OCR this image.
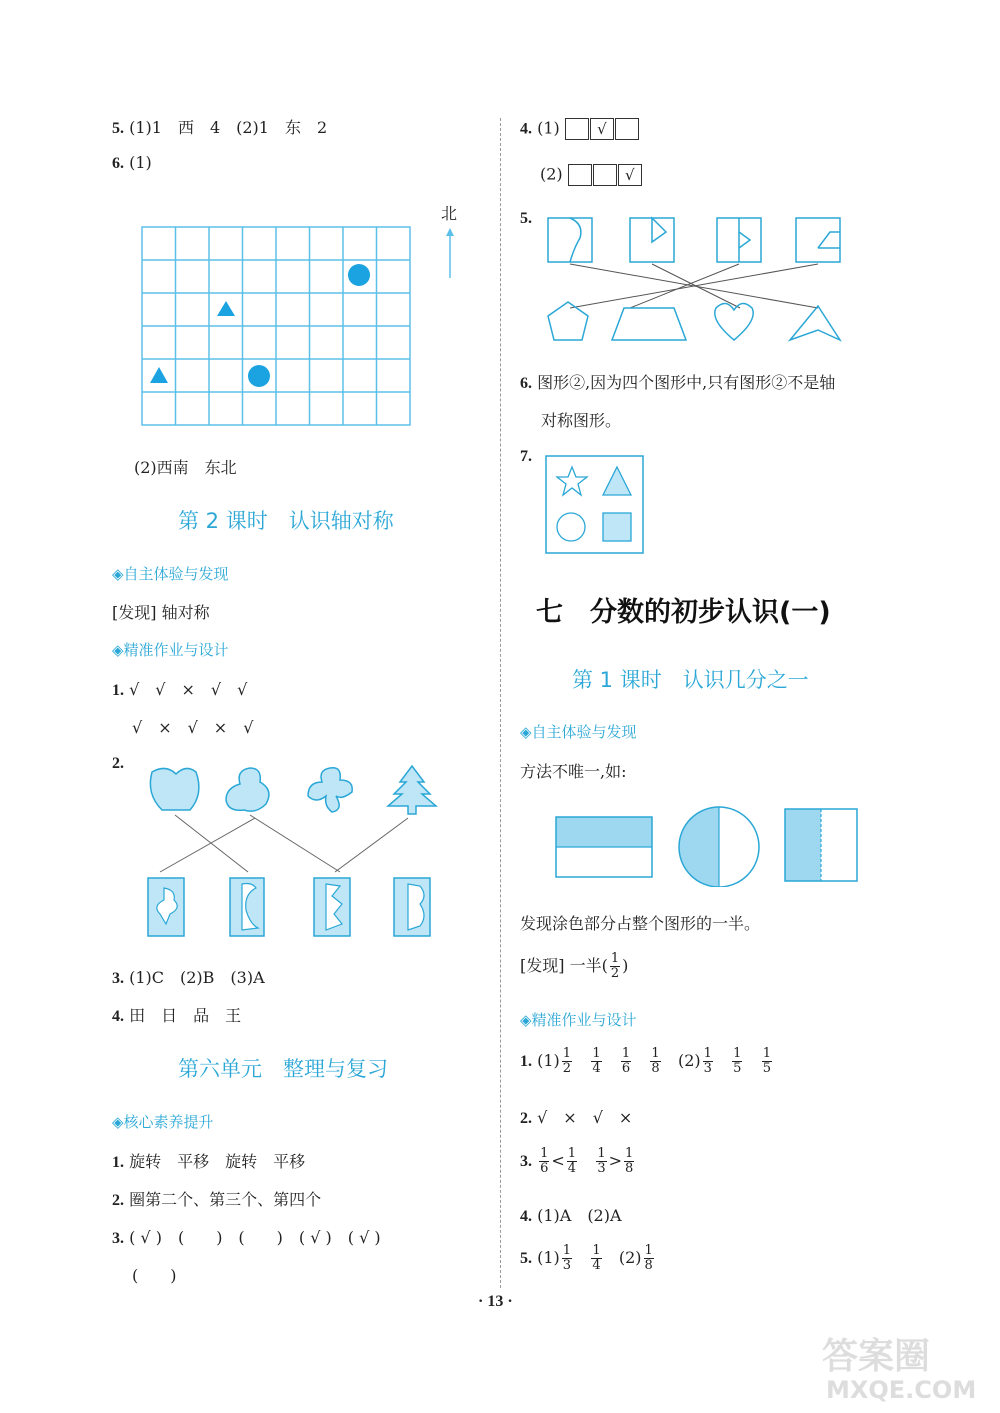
5. (1)1　西　4　(2)1　东　2
6. (1)
北
(2)西南　东北
第 2 课时　认识轴对称
◈自主体验与发现
[发现] 轴对称
◈精准作业与设计
1. √　√　×　√　√
√　×　√　×　√
2.
3. (1)C　(2)B　(3)A
4. 田　日　品　王
第六单元　整理与复习
◈核心素养提升
1. 旋转　平移　旋转　平移
2. 圈第二个、第三个、第四个
3. ( √ )　(　　)　(　　)　( √ )　( √ )
(　　)
4. (1) √
(2)	√
5.
6. 图形②,因为四个图形中,只有图形②不是轴
对称图形。
7.
七　分数的初步认识(一)
第 1 课时　认识几分之一
◈自主体验与发现
方法不唯一,如:
发现涂色部分占整个图形的一半。
[发现] 一半( $\frac{1}{2}$ )
◈精准作业与设计
1. $(1) \frac{1}{2}$
$\frac{1}{4}$
$\frac{1}{6}$
$\frac{1}{8} (2) \frac{1}{3}$
$\frac{1}{5}$
$\frac{1}{5}$
2. √　×　√　×
3. $\frac{1}{6} < \frac{1}{4}$
$\frac{1}{3} > \frac{1}{8}$
4. (1)A　(2)A
5. $(1) \frac{1}{3}$
$\frac{1}{4} (2) \frac{1}{8}$
· 13 ·
答案圈
MXQE.COM
